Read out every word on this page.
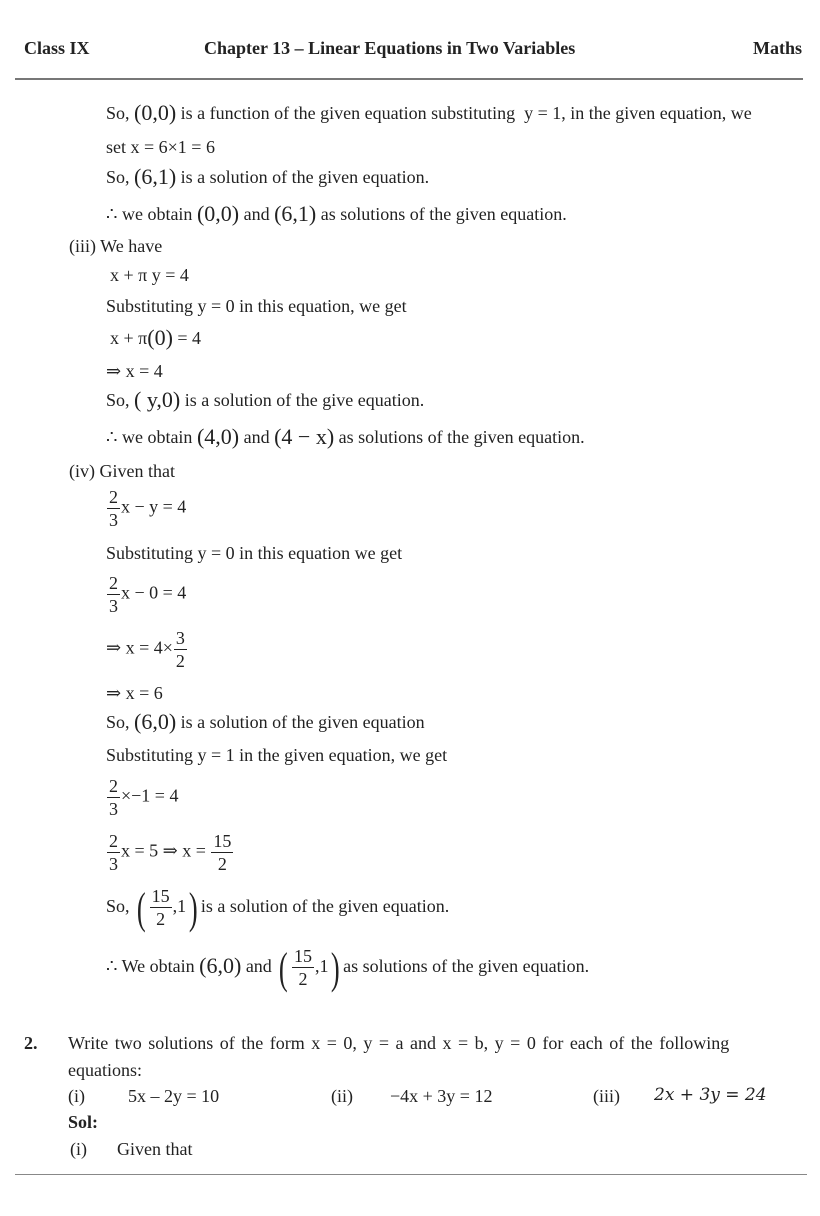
Class IX	Chapter 13 – Linear Equations in Two Variables	Maths
So, (0,0) is a function of the given equation substituting y = 1, in the given equation, we
set x = 6×1 = 6
So, (6,1) is a solution of the given equation.
∴ we obtain (0,0) and (6,1) as solutions of the given equation.
(iii) We have
x + π y = 4
Substituting y = 0 in this equation, we get
x + π(0) = 4
⇒ x = 4
So, ( y,0) is a solution of the give equation.
∴ we obtain (4,0) and (4 − x) as solutions of the given equation.
(iv) Given that
$\frac{2}{3}$ x − y = 4
Substituting y = 0 in this equation we get
$\frac{2}{3}$ x − 0 = 4
⇒ $x = 4\times \frac{3}{2}$
⇒ x = 6
So, (6,0) is a solution of the given equation
Substituting y = 1 in the given equation, we get
$\frac{2}{3} \times-1 = 4$
$\frac{2}{3}$ x = 5 ⇒ $x = \frac{15}{2}$
So, ( $\frac{15}{2} ,1$) is a solution of the given equation.
∴ We obtain (6,0) and ( $\frac{15}{2} ,1$) as solutions of the given equation.
2. Write two solutions of the form x = 0, y = a and x = b, y = 0 for each of the following
equations:
(i) 5x – 2y = 10	(ii) −4x + 3y = 12	(iii) 2x + 3y = 24
Sol:
(i) Given that
